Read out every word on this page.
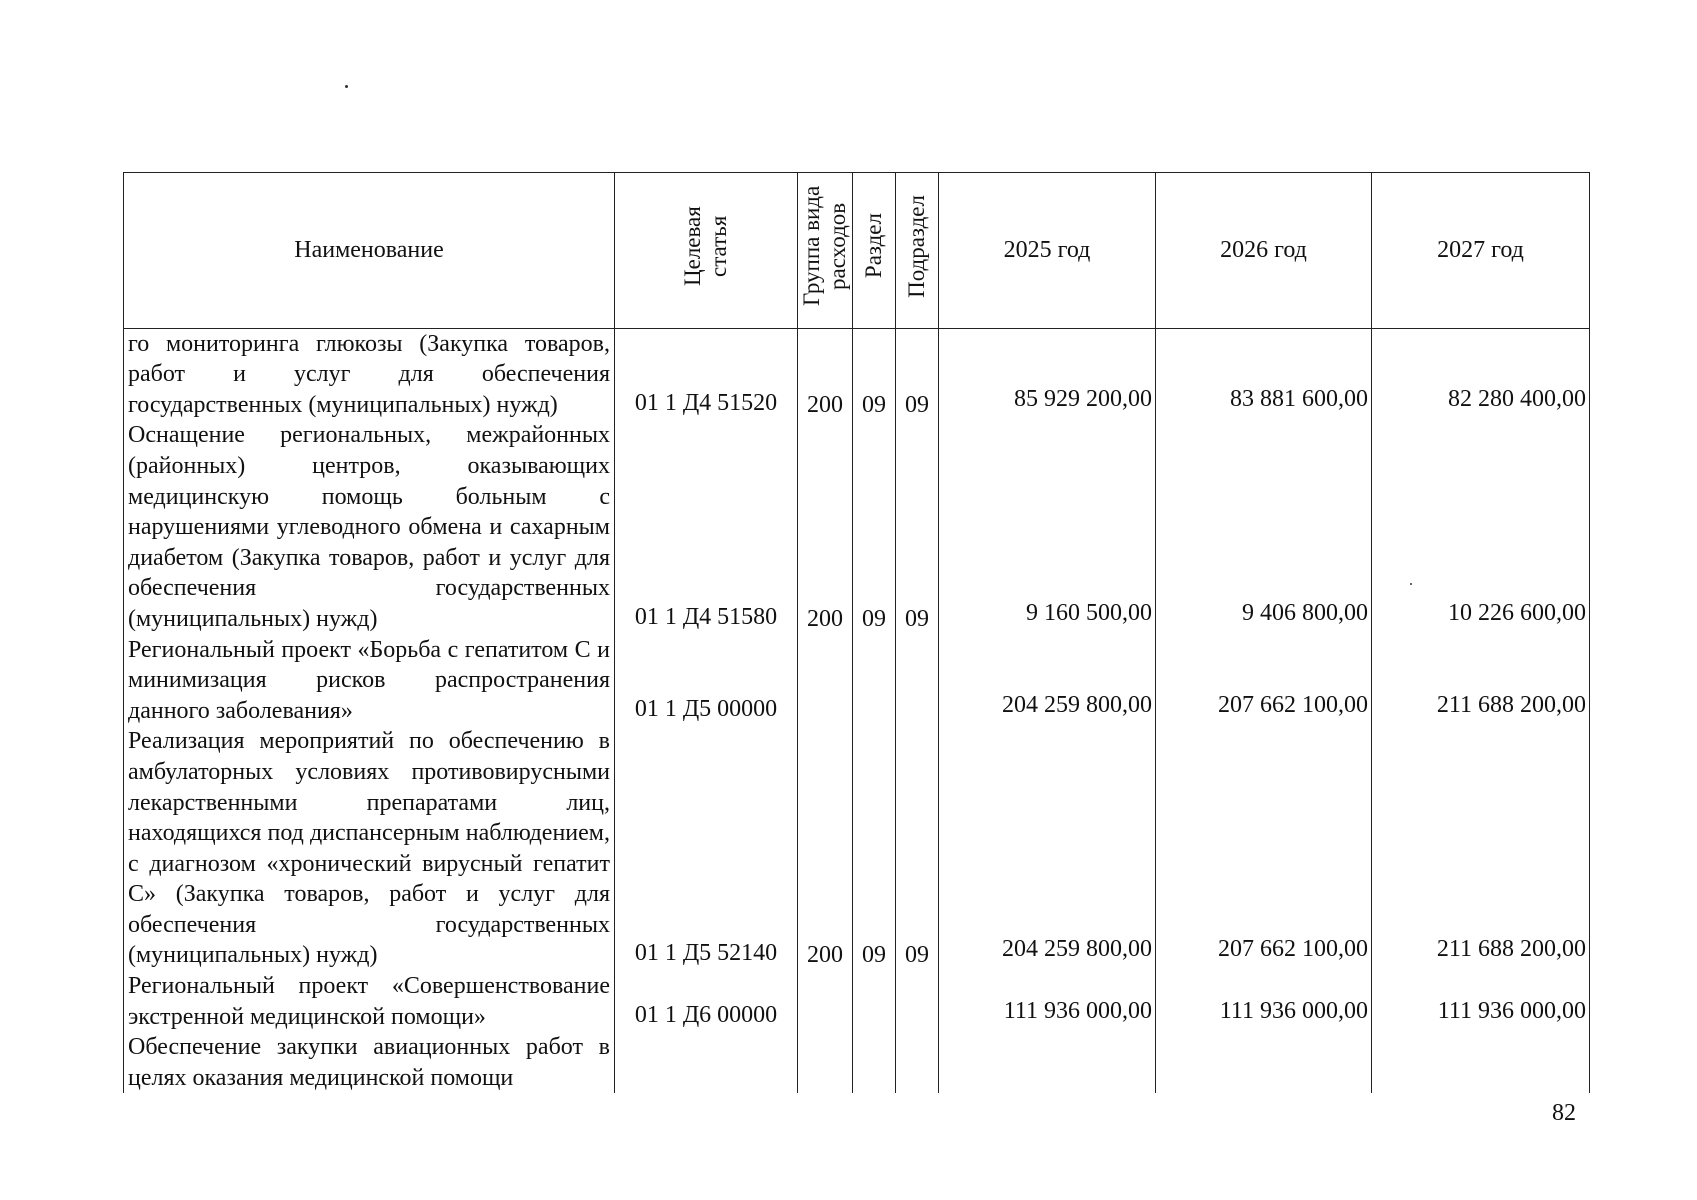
Наименование	Целевая статья	Группа вида расходов	Раздел	Подраздел	2025 год	2026 год	2027 год
го мониторинга глюкозы (Закупка товаров, работ и услуг для обеспечения государственных (муниципальных) нужд)	01 1 Д4 51520	200	09	09	85 929 200,00	83 881 600,00	82 280 400,00
Оснащение региональных, межрайонных (районных) центров, оказывающих медицинскую помощь больным с нарушениями углеводного обмена и сахарным диабетом (Закупка товаров, работ и услуг для обеспечения государственных (муниципальных) нужд)	01 1 Д4 51580	200	09	09	9 160 500,00	9 406 800,00	10 226 600,00
Региональный проект «Борьба с гепатитом С и минимизация рисков распространения данного заболевания»	01 1 Д5 00000				204 259 800,00	207 662 100,00	211 688 200,00
Реализация мероприятий по обеспечению в амбулаторных условиях противовирусными лекарственными препаратами лиц, находящихся под диспансерным наблюдением, с диагнозом «хронический вирусный гепатит С» (Закупка товаров, работ и услуг для обеспечения государственных (муниципальных) нужд)	01 1 Д5 52140	200	09	09	204 259 800,00	207 662 100,00	211 688 200,00
Региональный проект «Совершенствование экстренной медицинской помощи»	01 1 Д6 00000				111 936 000,00	111 936 000,00	111 936 000,00
Обеспечение закупки авиационных работ в целях оказания медицинской помощи							
82
